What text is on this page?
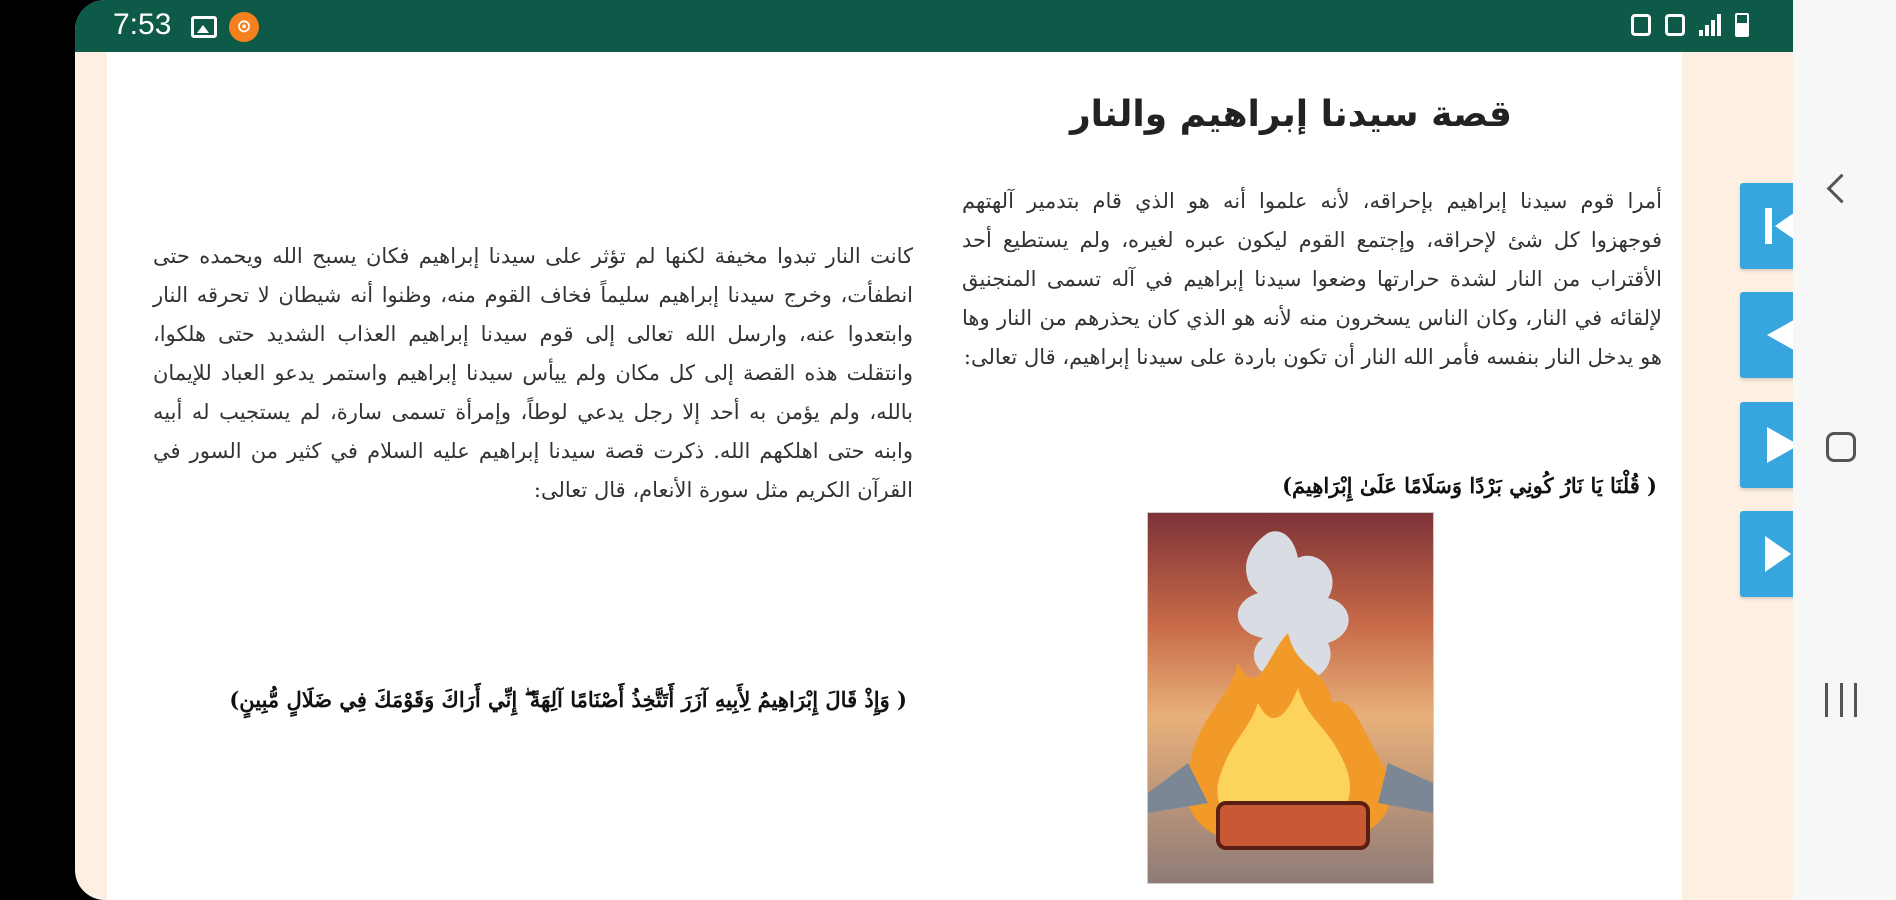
7:53	⊙
قصة سيدنا إبراهيم والنار
أمرا قوم سيدنا إبراهيم بإحراقه، لأنه علموا أنه هو الذي قام بتدمير آلهتهم فوجهزوا كل شئ لإحراقه، وإجتمع القوم ليكون عبره لغيره، ولم يستطيع أحد الأقتراب من النار لشدة حرارتها وضعوا سيدنا إبراهيم في آله تسمى المنجنيق لإلقائه في النار، وكان الناس يسخرون منه لأنه هو الذي كان يحذرهم من النار وها هو يدخل النار بنفسه فأمر الله النار أن تكون باردة على سيدنا إبراهيم، قال تعالى:
( قُلْنَا يَا نَارُ كُونِي بَرْدًا وَسَلَامًا عَلَىٰ إِبْرَاهِيمَ)
كانت النار تبدوا مخيفة لكنها لم تؤثر على سيدنا إبراهيم فكان يسبح الله ويحمده حتى انطفأت، وخرج سيدنا إبراهيم سليماً فخاف القوم منه، وظنوا أنه شيطان لا تحرقه النار وابتعدوا عنه، وارسل الله تعالى إلى قوم سيدنا إبراهيم العذاب الشديد حتى هلكوا، وانتقلت هذه القصة إلى كل مكان ولم ييأس سيدنا إبراهيم واستمر يدعو العباد للإيمان بالله، ولم يؤمن به أحد إلا رجل يدعي لوطاً، وإمرأة تسمى سارة، لم يستجيب له أبيه وابنه حتى اهلكهم الله. ذكرت قصة سيدنا إبراهيم عليه السلام في كثير من السور في القرآن الكريم مثل سورة الأنعام، قال تعالى:
( وَإِذْ قَالَ إِبْرَاهِيمُ لِأَبِيهِ آزَرَ أَتَتَّخِذُ أَصْنَامًا آلِهَةً ۖ إِنِّي أَرَاكَ وَقَوْمَكَ فِي ضَلَالٍ مُّبِينٍ)
